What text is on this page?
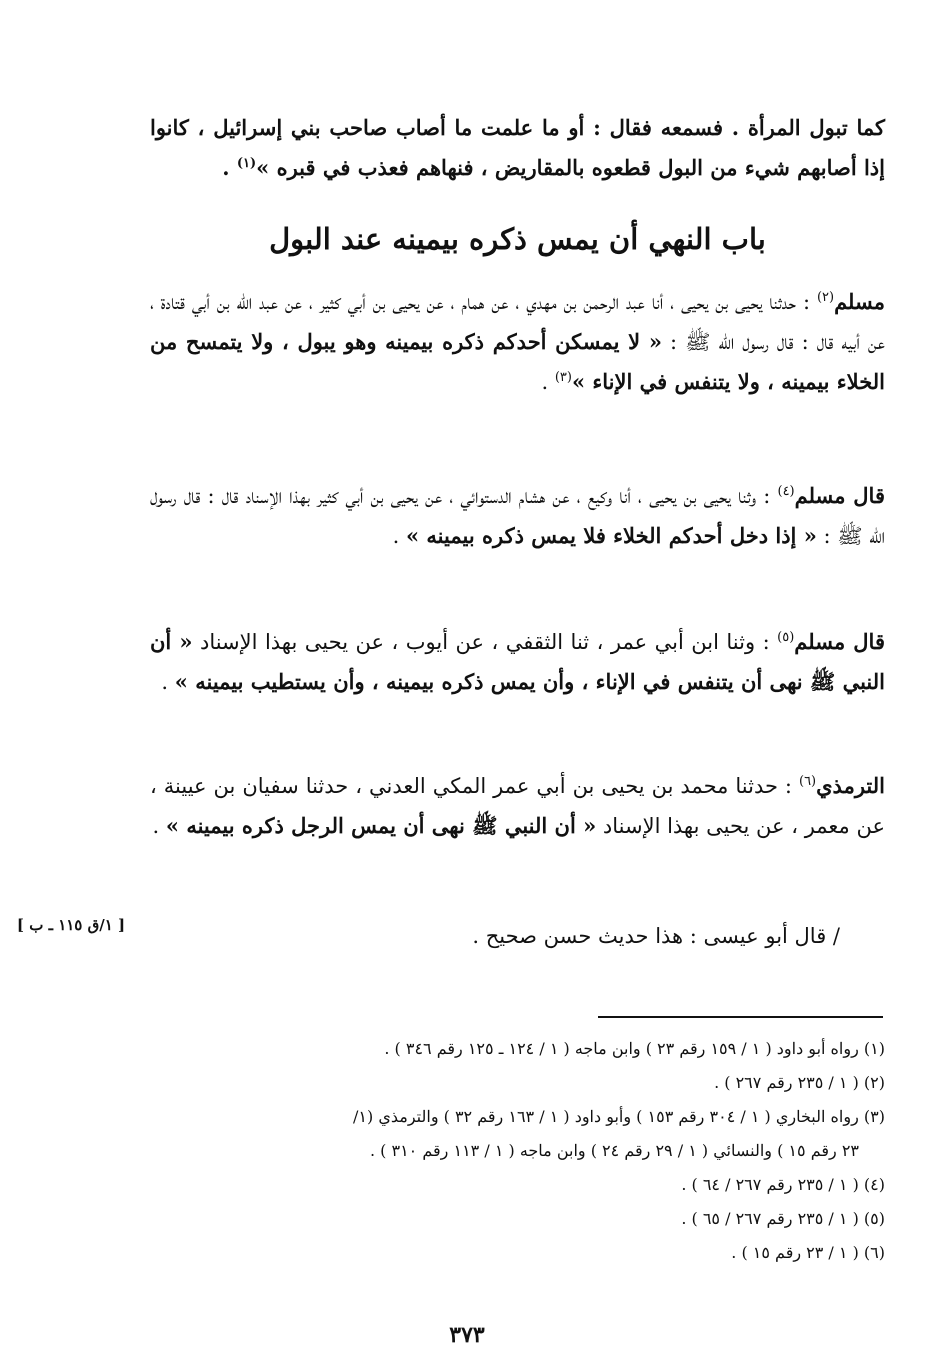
كما تبول المرأة . فسمعه فقال : أو ما علمت ما أصاب صاحب بني إسرائيل ، كانوا إذا أصابهم شيء من البول قطعوه بالمقاريض ، فنهاهم فعذب في قبره »$^{(١)}$ .
باب النهي أن يمس ذكره بيمينه عند البول
مسلم$^{(٢)}$ : حدثنا يحيى بن يحيى ، أنا عبد الرحمن بن مهدي ، عن همام ، عن يحيى بن أبي كثير ، عن عبد الله بن أبي قتادة ، عن أبيه قال : قال رسول الله ﷺ : « لا يمسكن أحدكم ذكره بيمينه وهو يبول ، ولا يتمسح من الخلاء بيمينه ، ولا يتنفس في الإناء »$^{(٣)}$ .
قال مسلم$^{(٤)}$ : وثنا يحيى بن يحيى ، أنا وكيع ، عن هشام الدستوائي ، عن يحيى بن أبي كثير بهذا الإسناد قال : قال رسول الله ﷺ : « إذا دخل أحدكم الخلاء فلا يمس ذكره بيمينه » .
قال مسلم$^{(٥)}$ : وثنا ابن أبي عمر ، ثنا الثقفي ، عن أيوب ، عن يحيى بهذا الإسناد « أن النبي ﷺ نهى أن يتنفس في الإناء ، وأن يمس ذكره بيمينه ، وأن يستطيب بيمينه » .
الترمذي$^{(٦)}$ : حدثنا محمد بن يحيى بن أبي عمر المكي العدني ، حدثنا سفيان بن عيينة ، عن معمر ، عن يحيى بهذا الإسناد « أن النبي ﷺ نهى أن يمس الرجل ذكره بيمينه » .
/ قال أبو عيسى : هذا حديث حسن صحيح .
[ ١/ق ١١٥ ـ ب ]
(١) رواه أبو داود ( ١ / ١٥٩ رقم ٢٣ ) وابن ماجه ( ١ / ١٢٤ ـ ١٢٥ رقم ٣٤٦ ) .
(٢) ( ١ / ٢٣٥ رقم ٢٦٧ ) .
(٣) رواه البخاري ( ١ / ٣٠٤ رقم ١٥٣ ) وأبو داود ( ١ / ١٦٣ رقم ٣٢ ) والترمذي (١/
٢٣ رقم ١٥ ) والنسائي ( ١ / ٢٩ رقم ٢٤ ) وابن ماجه ( ١ / ١١٣ رقم ٣١٠ ) .
(٤) ( ١ / ٢٣٥ رقم ٢٦٧ / ٦٤ ) .
(٥) ( ١ / ٢٣٥ رقم ٢٦٧ / ٦٥ ) .
(٦) ( ١ / ٢٣ رقم ١٥ ) .
٣٧٣
